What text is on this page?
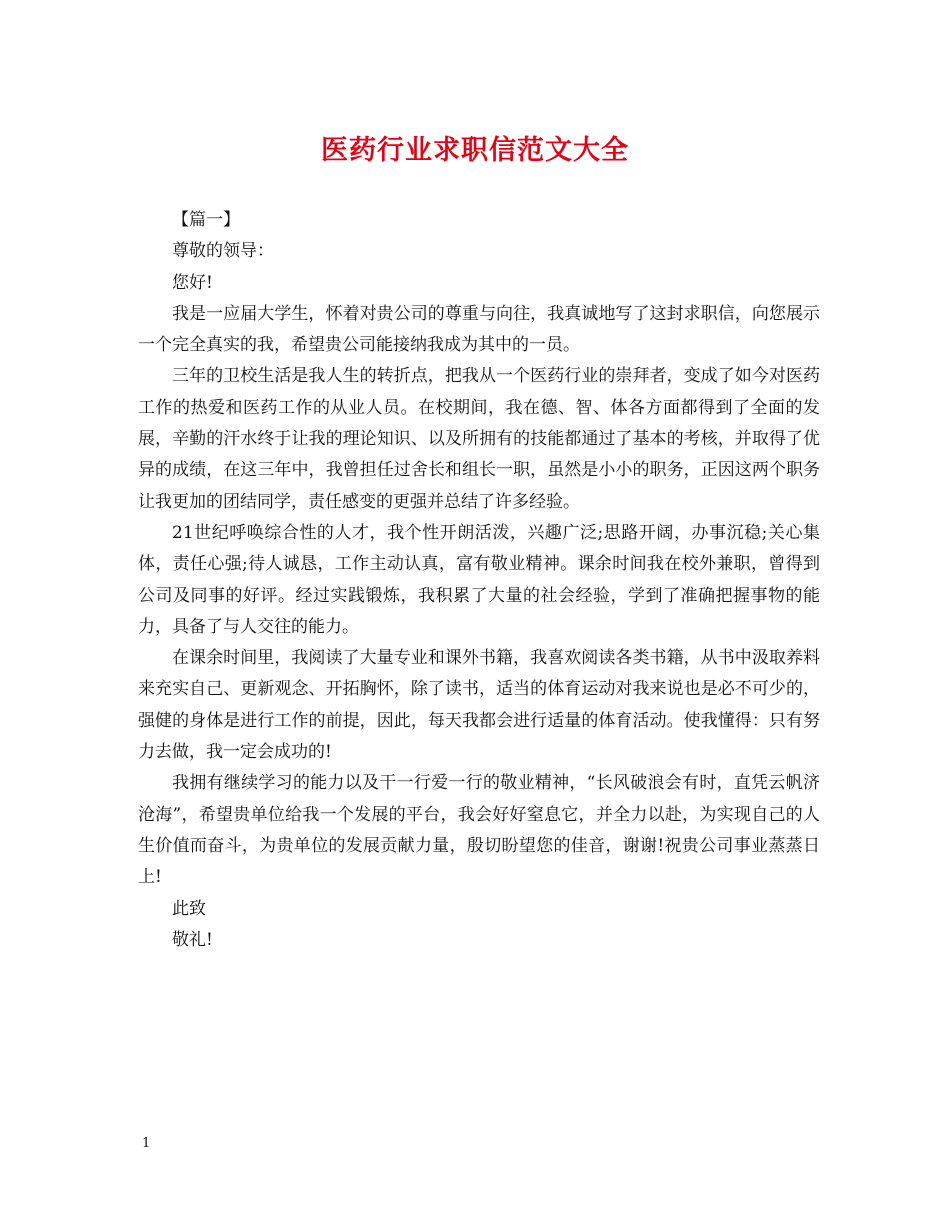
医药行业求职信范文大全

【篇一】

尊敬的领导：

您好!

我是一应届大学生，怀着对贵公司的尊重与向往，我真诚地写了这封求职信，向您展示一个完全真实的我，希望贵公司能接纳我成为其中的一员。

三年的卫校生活是我人生的转折点，把我从一个医药行业的崇拜者，变成了如今对医药工作的热爱和医药工作的从业人员。在校期间，我在德、智、体各方面都得到了全面的发展，辛勤的汗水终于让我的理论知识、以及所拥有的技能都通过了基本的考核，并取得了优异的成绩，在这三年中，我曾担任过舍长和组长一职，虽然是小小的职务，正因这两个职务让我更加的团结同学，责任感变的更强并总结了许多经验。

21世纪呼唤综合性的人才，我个性开朗活泼，兴趣广泛;思路开阔，办事沉稳;关心集体，责任心强;待人诚恳，工作主动认真，富有敬业精神。课余时间我在校外兼职，曾得到公司及同事的好评。经过实践锻炼，我积累了大量的社会经验，学到了准确把握事物的能力，具备了与人交往的能力。

在课余时间里，我阅读了大量专业和课外书籍，我喜欢阅读各类书籍，从书中汲取养料来充实自己、更新观念、开拓胸怀，除了读书，适当的体育运动对我来说也是必不可少的，强健的身体是进行工作的前提，因此，每天我都会进行适量的体育活动。使我懂得：只有努力去做，我一定会成功的!

我拥有继续学习的能力以及干一行爱一行的敬业精神，“长风破浪会有时，直凭云帆济沧海”，希望贵单位给我一个发展的平台，我会好好窒息它，并全力以赴，为实现自己的人生价值而奋斗，为贵单位的发展贡献力量，殷切盼望您的佳音，谢谢!祝贵公司事业蒸蒸日上!

此致

敬礼!

1
